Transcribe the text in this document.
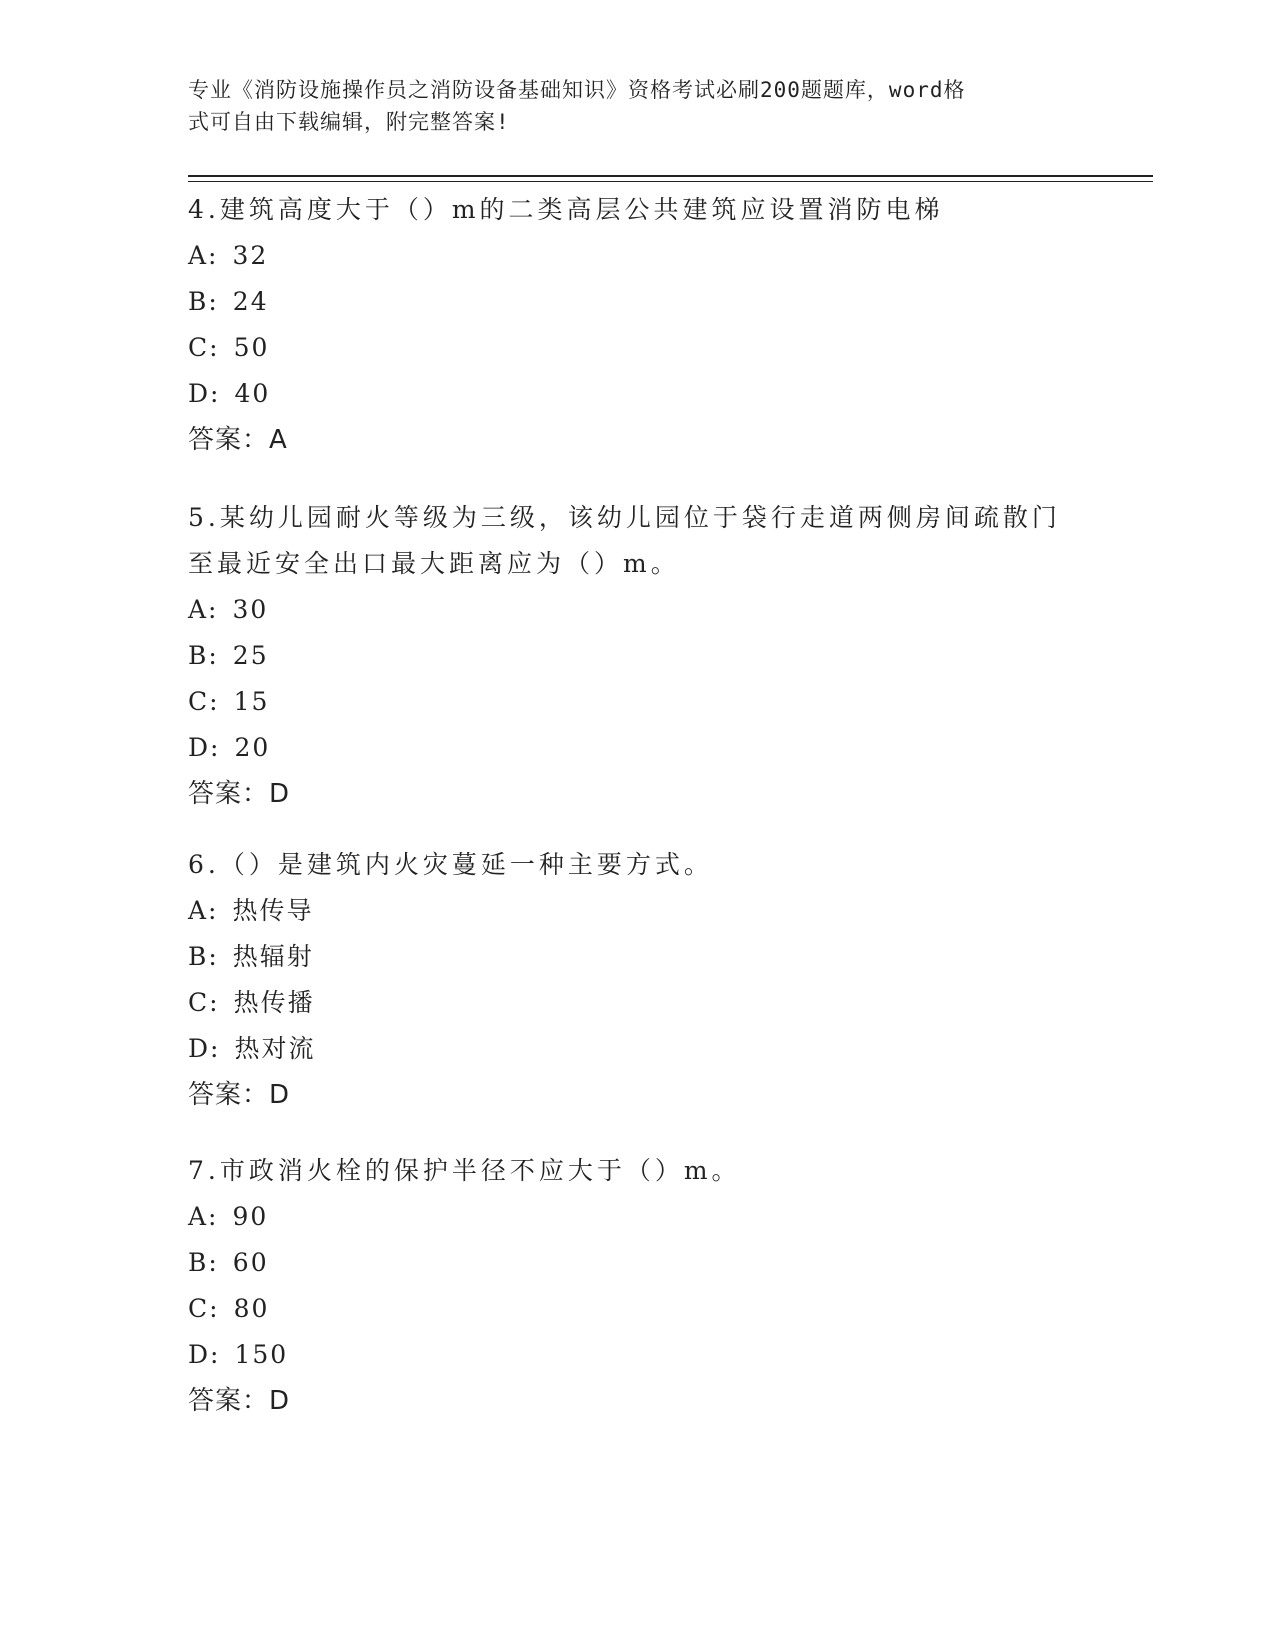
专业《消防设施操作员之消防设备基础知识》资格考试必刷200题题库，word格
式可自由下载编辑，附完整答案!
4.建筑高度大于（）m的二类高层公共建筑应设置消防电梯
A: 32
B: 24
C: 50
D: 40
答案：A
5.某幼儿园耐火等级为三级，该幼儿园位于袋行走道两侧房间疏散门
至最近安全出口最大距离应为（）m。
A: 30
B: 25
C: 15
D: 20
答案：D
6.（）是建筑内火灾蔓延一种主要方式。
A: 热传导
B: 热辐射
C: 热传播
D: 热对流
答案：D
7.市政消火栓的保护半径不应大于（）m。
A: 90
B: 60
C: 80
D: 150
答案：D
